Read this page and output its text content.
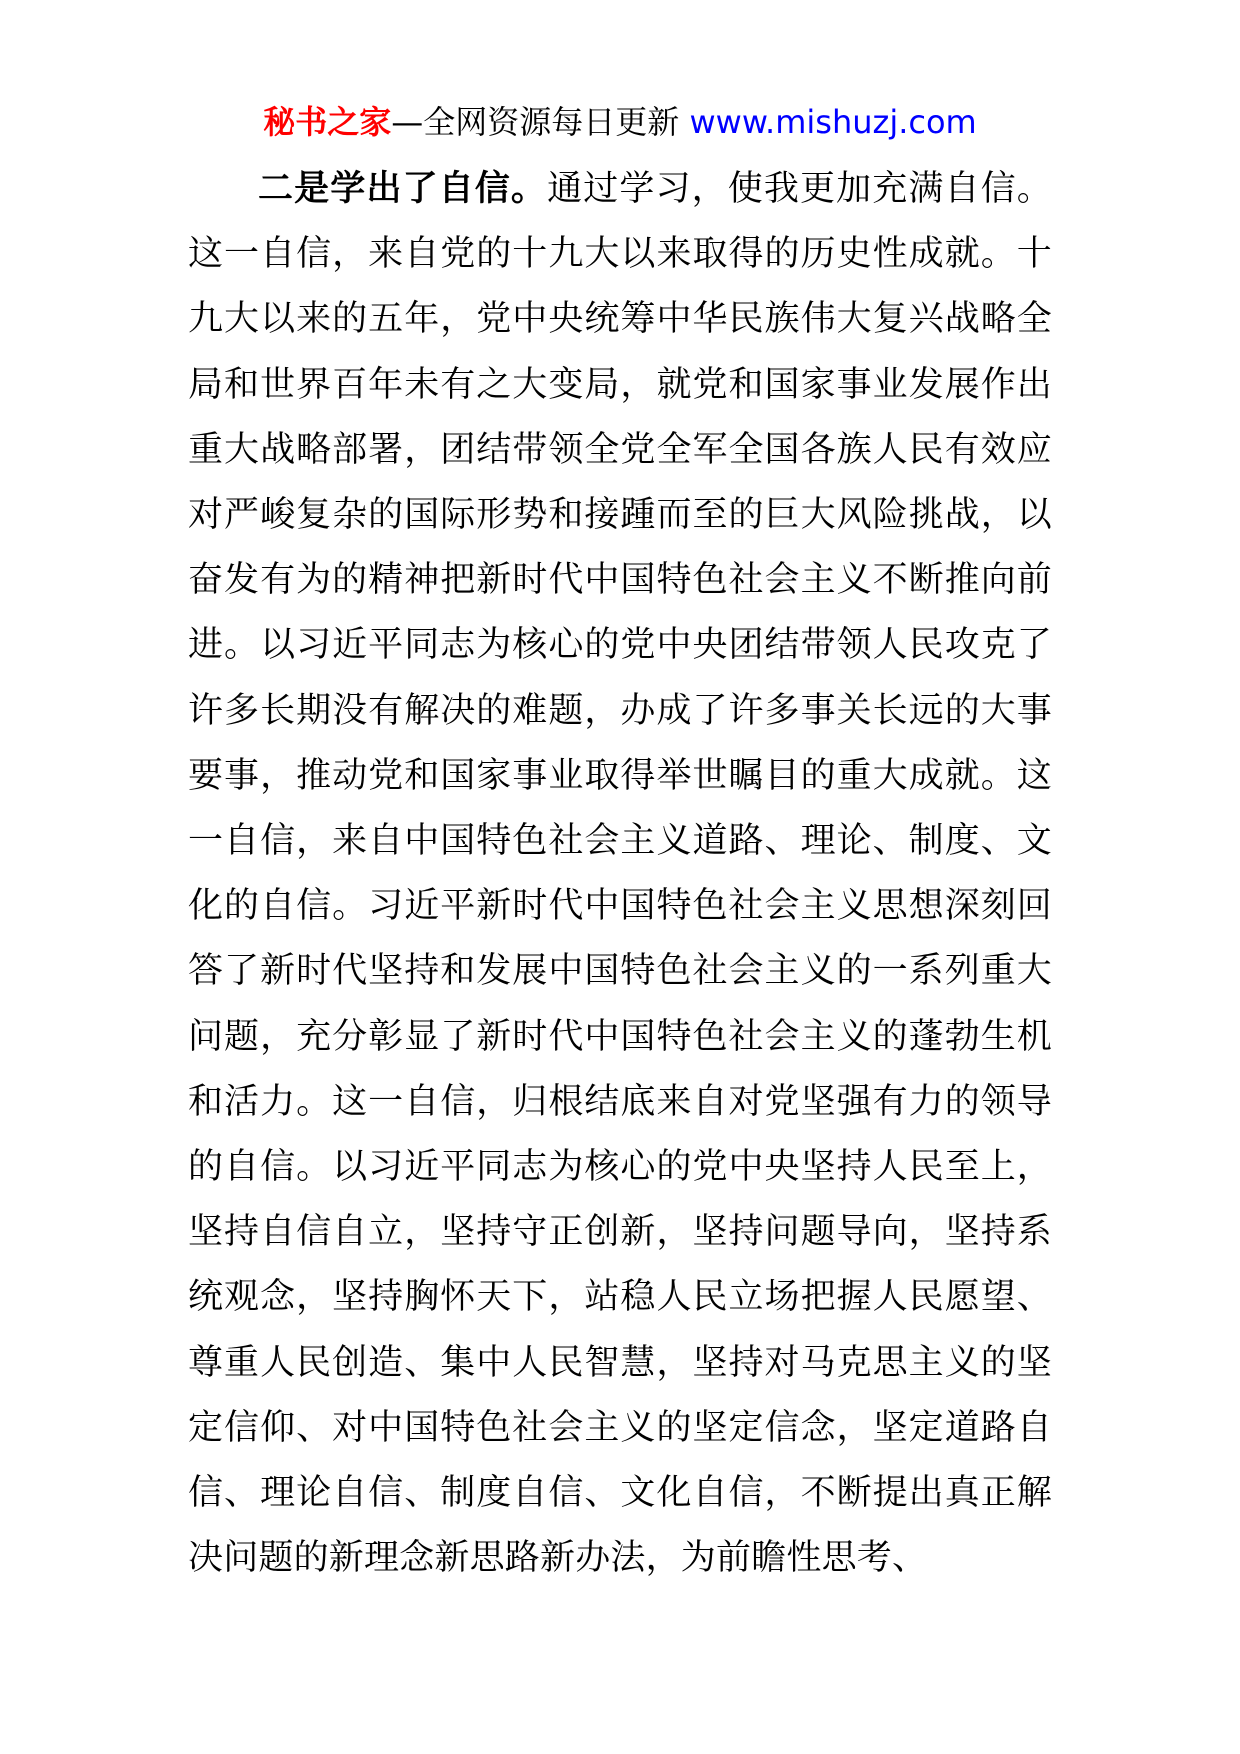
秘书之家—全网资源每日更新 www.mishuzj.com

二是学出了自信。通过学习，使我更加充满自信。这一自信，来自党的十九大以来取得的历史性成就。十九大以来的五年，党中央统筹中华民族伟大复兴战略全局和世界百年未有之大变局，就党和国家事业发展作出重大战略部署，团结带领全党全军全国各族人民有效应对严峻复杂的国际形势和接踵而至的巨大风险挑战，以奋发有为的精神把新时代中国特色社会主义不断推向前进。以习近平同志为核心的党中央团结带领人民攻克了许多长期没有解决的难题，办成了许多事关长远的大事要事，推动党和国家事业取得举世瞩目的重大成就。这一自信，来自中国特色社会主义道路、理论、制度、文化的自信。习近平新时代中国特色社会主义思想深刻回答了新时代坚持和发展中国特色社会主义的一系列重大问题，充分彰显了新时代中国特色社会主义的蓬勃生机和活力。这一自信，归根结底来自对党坚强有力的领导的自信。以习近平同志为核心的党中央坚持人民至上，坚持自信自立，坚持守正创新，坚持问题导向，坚持系统观念，坚持胸怀天下，站稳人民立场把握人民愿望、尊重人民创造、集中人民智慧，坚持对马克思主义的坚定信仰、对中国特色社会主义的坚定信念，坚定道路自信、理论自信、制度自信、文化自信，不断提出真正解决问题的新理念新思路新办法，为前瞻性思考、
